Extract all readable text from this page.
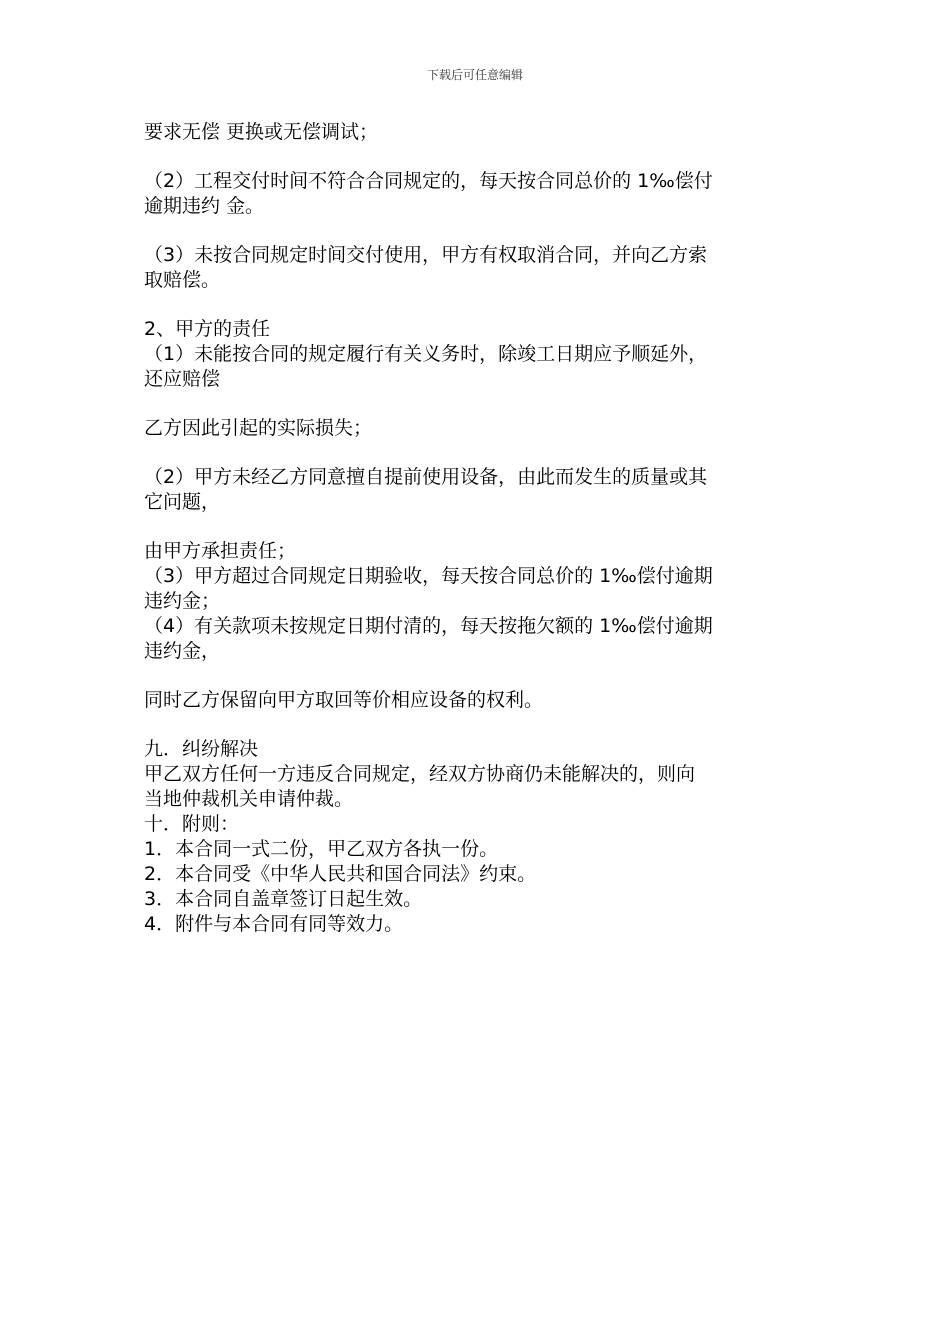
下载后可任意编辑
要求无偿 更换或无偿调试；
（2）工程交付时间不符合合同规定的，每天按合同总价的 1‰偿付
逾期违约 金。
（3）未按合同规定时间交付使用，甲方有权取消合同，并向乙方索
取赔偿。
2、甲方的责任
（1）未能按合同的规定履行有关义务时，除竣工日期应予顺延外，
还应赔偿
乙方因此引起的实际损失；
（2）甲方未经乙方同意擅自提前使用设备，由此而发生的质量或其
它问题，
由甲方承担责任；
（3）甲方超过合同规定日期验收，每天按合同总价的 1‰偿付逾期
违约金；
（4）有关款项未按规定日期付清的，每天按拖欠额的 1‰偿付逾期
违约金，
同时乙方保留向甲方取回等价相应设备的权利。
九．纠纷解决
甲乙双方任何一方违反合同规定，经双方协商仍未能解决的，则向
当地仲裁机关申请仲裁。
十．附则：
1．本合同一式二份，甲乙双方各执一份。
2．本合同受《中华人民共和国合同法》约束。
3．本合同自盖章签订日起生效。
4．附件与本合同有同等效力。
